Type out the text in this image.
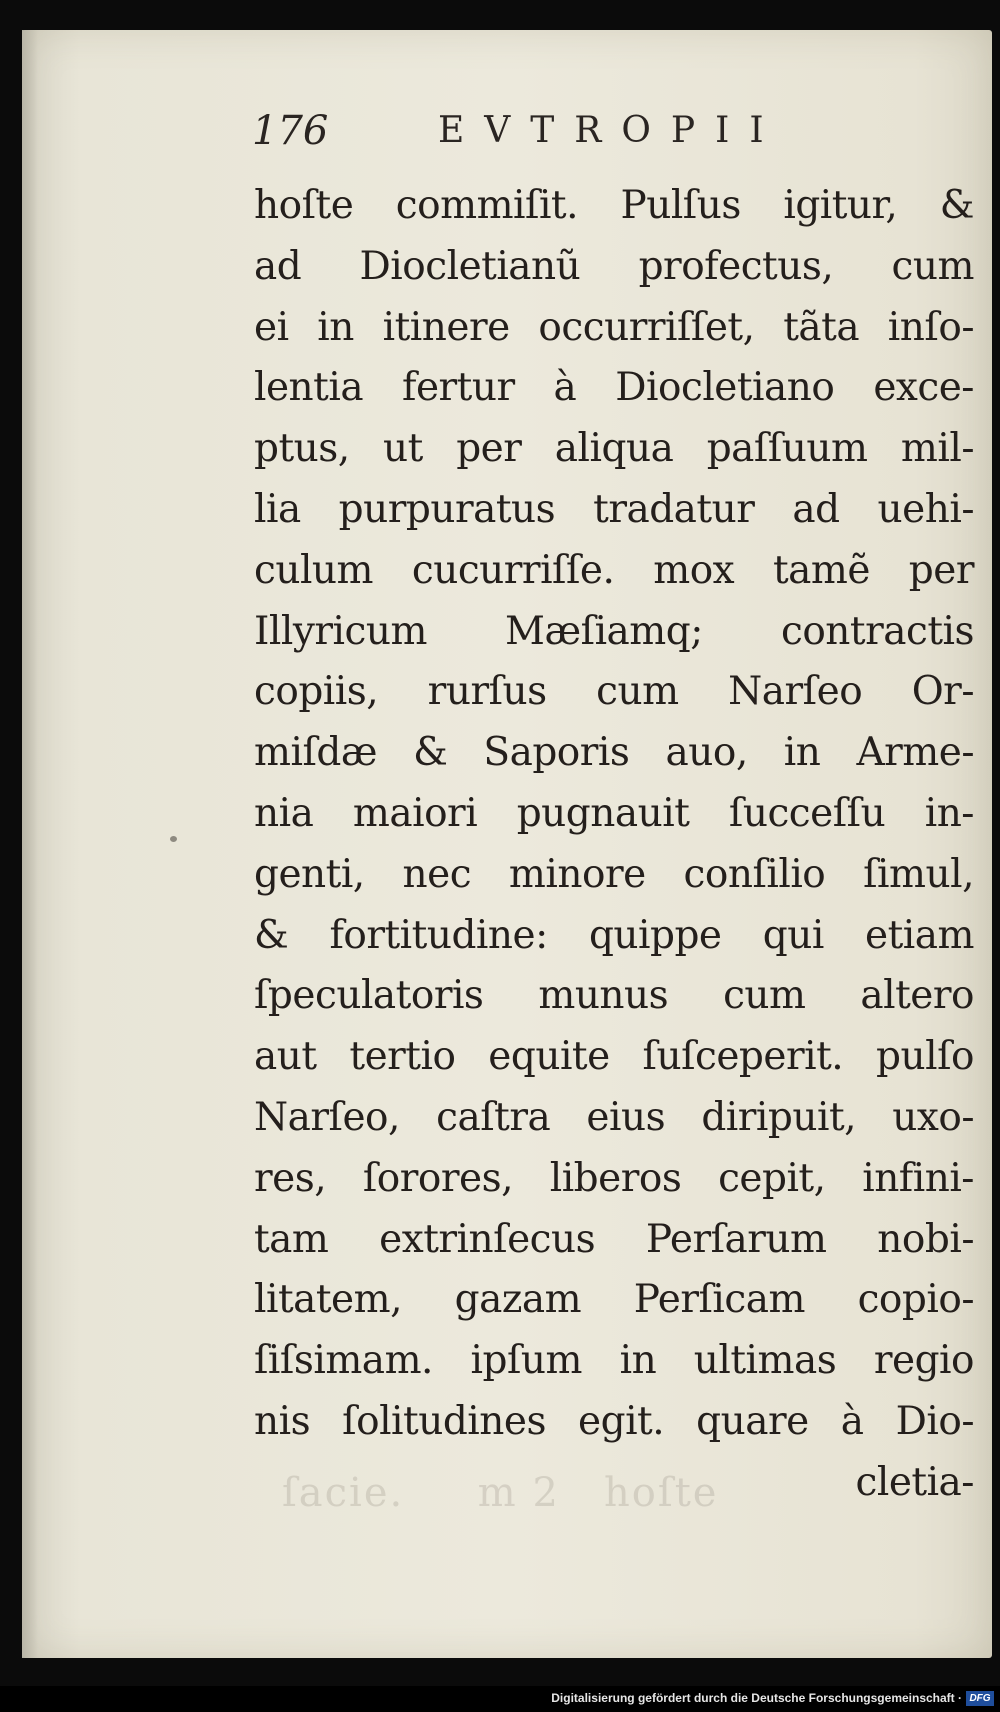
176	EVTROPII
hoſte commiſit. Pulſus igitur, &
ad Diocletianũ profectus, cum
ei in itinere occurriſſet, tãta inſo-
lentia fertur à Diocletiano exce-
ptus, ut per aliqua paſſuum mil-
lia purpuratus tradatur ad uehi-
culum cucurriſſe. mox tamẽ per
Illyricum Mæſiamq; contractis
copiis, rurſus cum Narſeo Or-
miſdæ & Saporis auo, in Arme-
nia maiori pugnauit ſucceſſu in-
genti, nec minore conſilio ſimul,
& fortitudine: quippe qui etiam
ſpeculatoris munus cum altero
aut tertio equite ſuſceperit. pulſo
Narſeo, caſtra eius diripuit, uxo-
res, ſorores, liberos cepit, infini-
tam extrinſecus Perſarum nobi-
litatem, gazam Perſicam copio-
ſiſsimam. ipſum in ultimas regio
nis ſolitudines egit. quare à Dio-
cletia-
ſacie.     m 2   hoſte
Digitalisierung gefördert durch die Deutsche Forschungsgemeinschaft · DFG
